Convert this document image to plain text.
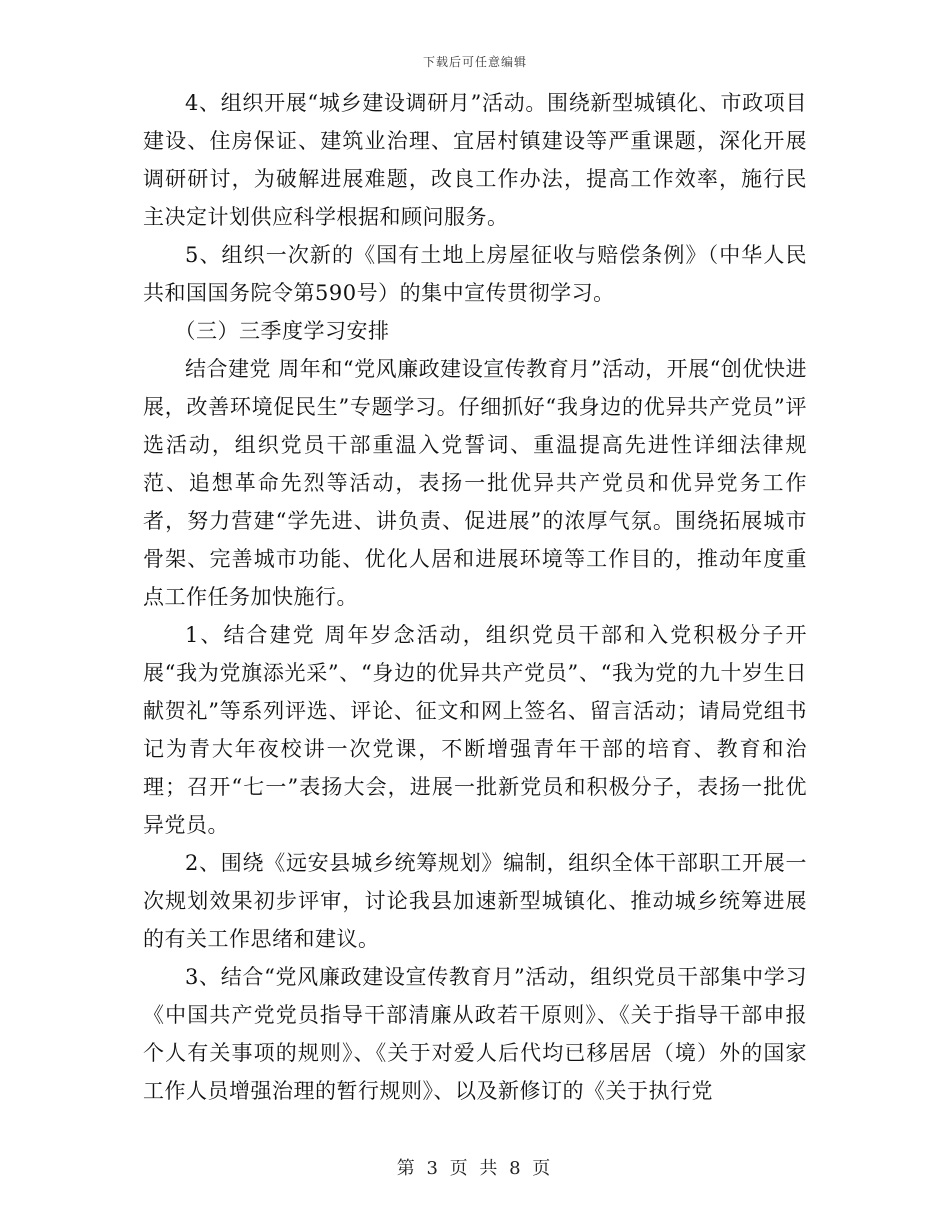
下载后可任意编辑

4、组织开展“城乡建设调研月”活动。围绕新型城镇化、市政项目建设、住房保证、建筑业治理、宜居村镇建设等严重课题，深化开展调研研讨，为破解进展难题，改良工作办法，提高工作效率，施行民主决定计划供应科学根据和顾问服务。

5、组织一次新的《国有土地上房屋征收与赔偿条例》（中华人民共和国国务院令第590号）的集中宣传贯彻学习。

（三）三季度学习安排

结合建党 周年和“党风廉政建设宣传教育月”活动，开展“创优快进展，改善环境促民生”专题学习。仔细抓好“我身边的优异共产党员”评选活动，组织党员干部重温入党誓词、重温提高先进性详细法律规范、追想革命先烈等活动，表扬一批优异共产党员和优异党务工作者，努力营建“学先进、讲负责、促进展”的浓厚气氛。围绕拓展城市骨架、完善城市功能、优化人居和进展环境等工作目的，推动年度重点工作任务加快施行。

1、结合建党 周年岁念活动，组织党员干部和入党积极分子开展“我为党旗添光采”、“身边的优异共产党员”、“我为党的九十岁生日献贺礼”等系列评选、评论、征文和网上签名、留言活动；请局党组书记为青大年夜校讲一次党课，不断增强青年干部的培育、教育和治理；召开“七一”表扬大会，进展一批新党员和积极分子，表扬一批优异党员。

2、围绕《远安县城乡统筹规划》编制，组织全体干部职工开展一次规划效果初步评审，讨论我县加速新型城镇化、推动城乡统筹进展的有关工作思绪和建议。

3、结合“党风廉政建设宣传教育月”活动，组织党员干部集中学习《中国共产党党员指导干部清廉从政若干原则》、《关于指导干部申报个人有关事项的规则》、《关于对爱人后代均已移居居（境）外的国家工作人员增强治理的暂行规则》、以及新修订的《关于执行党

第 3 页 共 8 页
